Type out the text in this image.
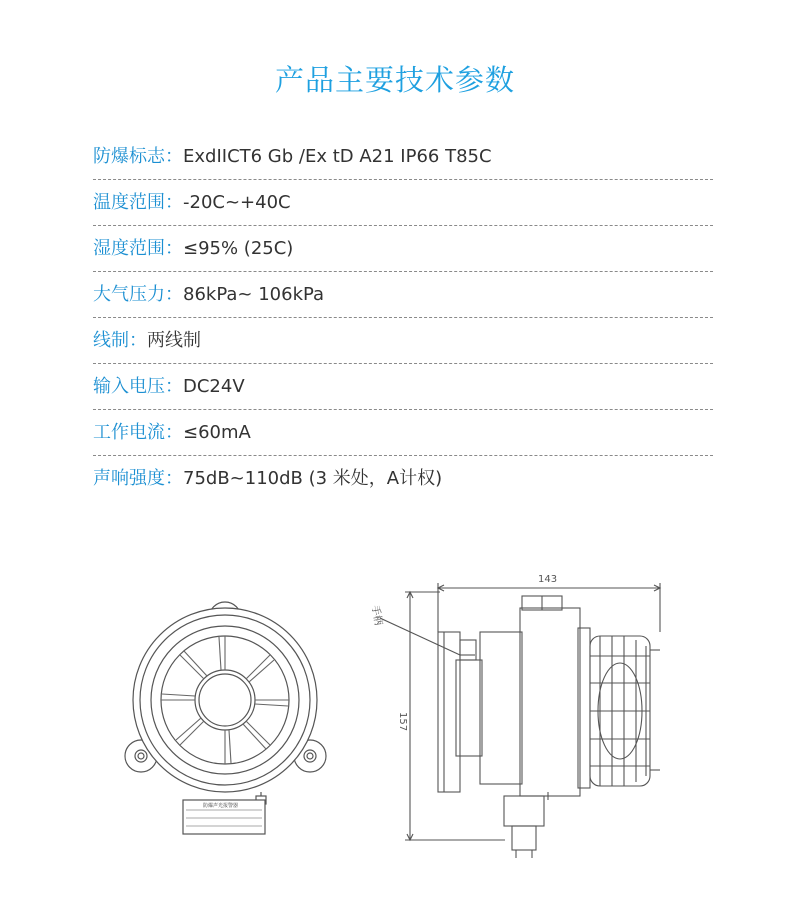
产品主要技术参数
防爆标志： ExdIICT6 Gb /Ex tD A21 IP66 T85C
温度范围： -20C~+40C
湿度范围： ≤95% (25C)
大气压力： 86kPa~ 106kPa
线制： 两线制
输入电压： DC24V
工作电流： ≤60mA
声响强度： 75dB~110dB (3 米处，A计权)
防爆声光报警器
143
157
手柄
